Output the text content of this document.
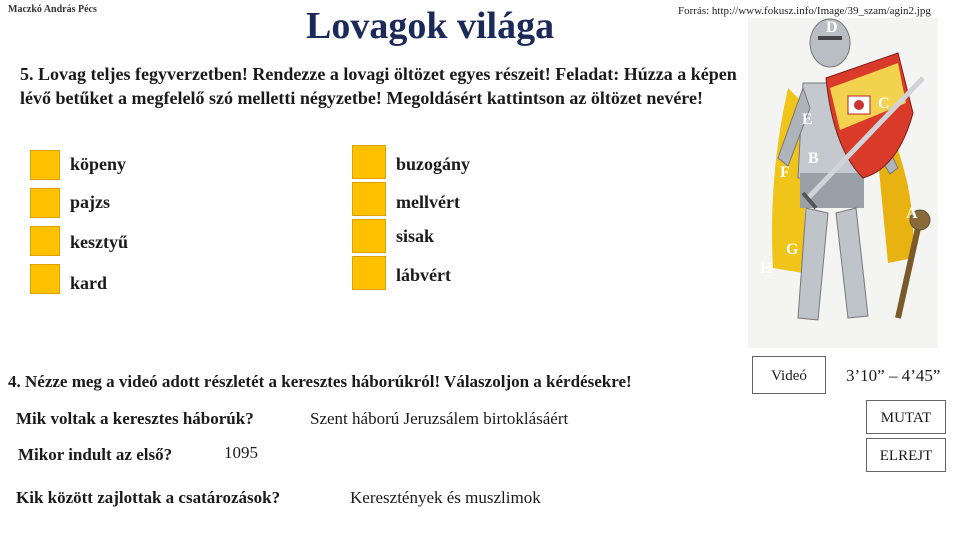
Maczkó András Pécs	Lovagok világa	Forrás: http://www.fokusz.info/Image/39_szam/agin2.jpg
5. Lovag teljes fegyverzetben! Rendezze a lovagi öltözet egyes részeit! Feladat: Húzza a képen lévő betűket a megfelelő szó melletti négyzetbe! Megoldásért kattintson az öltözet nevére!
köpeny
pajzs
kesztyű
kard
buzogány
mellvért
sisak
lábvért
D
C
E
B
F
A
G
H
4. Nézze meg a videó adott részletét a keresztes háborúkról! Válaszoljon a kérdésekre!	Videó	3’10” – 4’45”
Mik voltak a keresztes háborúk?	Szent háború Jeruzsálem birtoklásáért
Mikor indult az első?	1095
Kik között zajlottak a csatározások?	Keresztények és muszlimok
MUTAT
ELREJT
